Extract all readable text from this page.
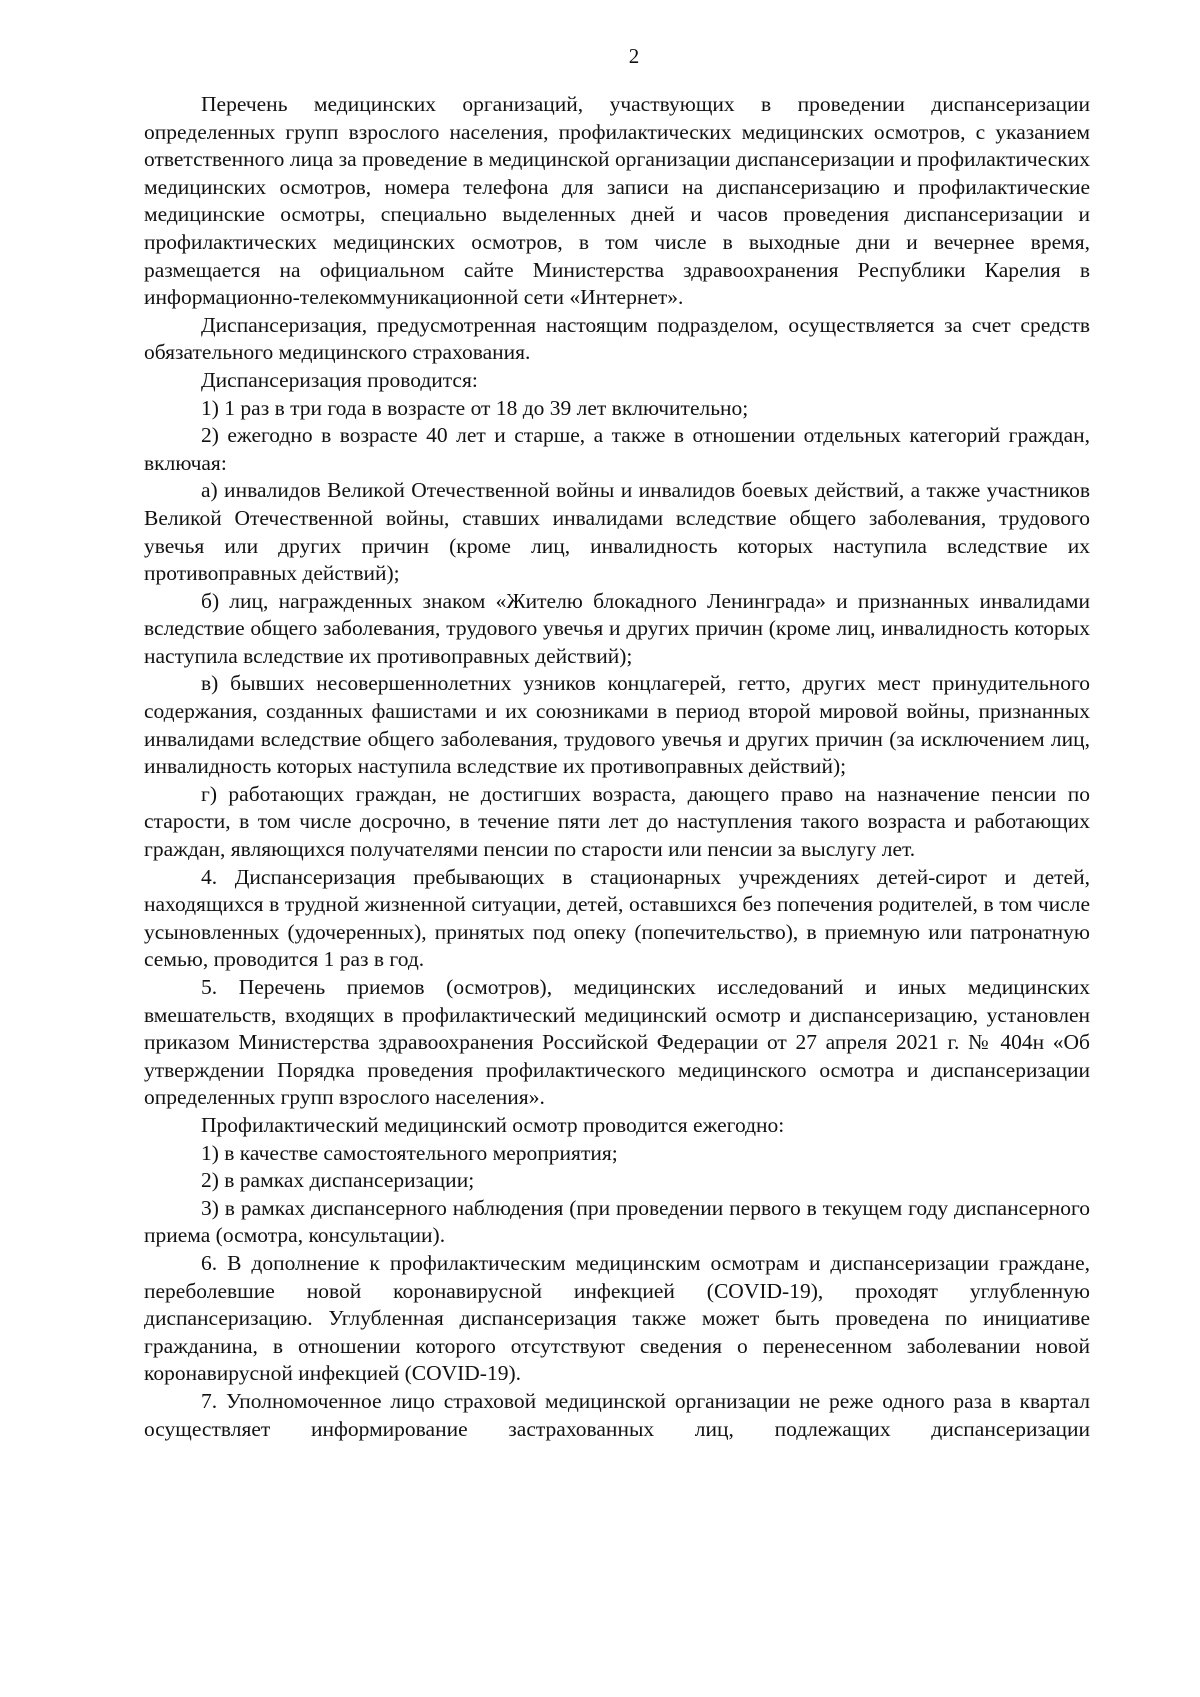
2

Перечень медицинских организаций, участвующих в проведении диспансеризации определенных групп взрослого населения, профилактических медицинских осмотров, с указанием ответственного лица за проведение в медицинской организации диспансеризации и профилактических медицинских осмотров, номера телефона для записи на диспансеризацию и профилактические медицинские осмотры, специально выделенных дней и часов проведения диспансеризации и профилактических медицинских осмотров, в том числе в выходные дни и вечернее время, размещается на официальном сайте Министерства здравоохранения Республики Карелия в информационно-телекоммуникационной сети «Интернет».

Диспансеризация, предусмотренная настоящим подразделом, осуществляется за счет средств обязательного медицинского страхования.

Диспансеризация проводится:

1) 1 раз в три года в возрасте от 18 до 39 лет включительно;

2) ежегодно в возрасте 40 лет и старше, а также в отношении отдельных категорий граждан, включая:

а) инвалидов Великой Отечественной войны и инвалидов боевых действий, а также участников Великой Отечественной войны, ставших инвалидами вследствие общего заболевания, трудового увечья или других причин (кроме лиц, инвалидность которых наступила вследствие их противоправных действий);

б) лиц, награжденных знаком «Жителю блокадного Ленинграда» и признанных инвалидами вследствие общего заболевания, трудового увечья и других причин (кроме лиц, инвалидность которых наступила вследствие их противоправных действий);

в) бывших несовершеннолетних узников концлагерей, гетто, других мест принудительного содержания, созданных фашистами и их союзниками в период второй мировой войны, признанных инвалидами вследствие общего заболевания, трудового увечья и других причин (за исключением лиц, инвалидность которых наступила вследствие их противоправных действий);

г) работающих граждан, не достигших возраста, дающего право на назначение пенсии по старости, в том числе досрочно, в течение пяти лет до наступления такого возраста и работающих граждан, являющихся получателями пенсии по старости или пенсии за выслугу лет.

4. Диспансеризация пребывающих в стационарных учреждениях детей-сирот и детей, находящихся в трудной жизненной ситуации, детей, оставшихся без попечения родителей, в том числе усыновленных (удочеренных), принятых под опеку (попечительство), в приемную или патронатную семью, проводится 1 раз в год.

5. Перечень приемов (осмотров), медицинских исследований и иных медицинских вмешательств, входящих в профилактический медицинский осмотр и диспансеризацию, установлен приказом Министерства здравоохранения Российской Федерации от 27 апреля 2021 г. № 404н «Об утверждении Порядка проведения профилактического медицинского осмотра и диспансеризации определенных групп взрослого населения».

Профилактический медицинский осмотр проводится ежегодно:

1) в качестве самостоятельного мероприятия;

2) в рамках диспансеризации;

3) в рамках диспансерного наблюдения (при проведении первого в текущем году диспансерного приема (осмотра, консультации).

6. В дополнение к профилактическим медицинским осмотрам и диспансеризации граждане, переболевшие новой коронавирусной инфекцией (COVID-19), проходят углубленную диспансеризацию. Углубленная диспансеризация также может быть проведена по инициативе гражданина, в отношении которого отсутствуют сведения о перенесенном заболевании новой коронавирусной инфекцией (COVID-19).

7. Уполномоченное лицо страховой медицинской организации не реже одного раза в квартал осуществляет информирование застрахованных лиц, подлежащих диспансеризации
